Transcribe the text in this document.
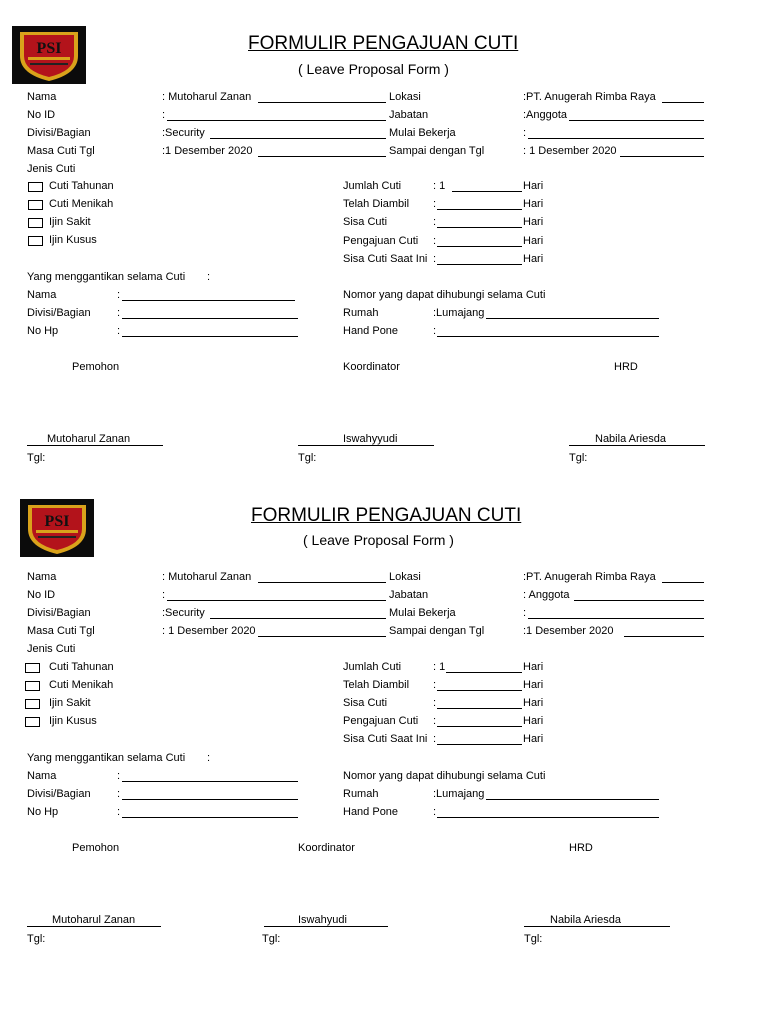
PSI	FORMULIR PENGAJUAN CUTI
( Leave Proposal Form )
Nama	: Mutoharul Zanan
No ID	:
Divisi/Bagian	:Security
Masa Cuti Tgl	:1 Desember 2020
Lokasi	:PT. Anugerah Rimba Raya
Jabatan	:Anggota
Mulai Bekerja	:
Sampai dengan Tgl	: 1 Desember 2020
Jenis Cuti
Cuti Tahunan
Cuti Menikah
Ijin Sakit
Ijin Kusus
Jumlah Cuti	: 1	Hari
Telah Diambil :	Hari
Sisa Cuti	:	Hari
Pengajuan Cuti :	Hari
Sisa Cuti Saat Ini :	Hari
Yang menggantikan selama Cuti :
Nama	:
Divisi/Bagian :
No Hp	:
Nomor yang dapat dihubungi selama Cuti
Rumah	:Lumajang
Hand Pone	:
Pemohon	Koordinator	HRD
Mutoharul Zanan	Iswahyyudi	Nabila Ariesda
Tgl:	Tgl:	Tgl:
PSI	FORMULIR PENGAJUAN CUTI
( Leave Proposal Form )
Nama	: Mutoharul Zanan
No ID	:
Divisi/Bagian	:Security
Masa Cuti Tgl	: 1 Desember 2020
Lokasi	:PT. Anugerah Rimba Raya
Jabatan	: Anggota
Mulai Bekerja	:
Sampai dengan Tgl	:1 Desember 2020
Jenis Cuti
Cuti Tahunan
Cuti Menikah
Ijin Sakit
Ijin Kusus
Jumlah Cuti	: 1	Hari
Telah Diambil :	Hari
Sisa Cuti	:	Hari
Pengajuan Cuti :	Hari
Sisa Cuti Saat Ini :	Hari
Yang menggantikan selama Cuti :
Nama	:
Divisi/Bagian :
No Hp	:
Nomor yang dapat dihubungi selama Cuti
Rumah	:Lumajang
Hand Pone	:
Pemohon	Koordinator	HRD
Mutoharul Zanan	Iswahyudi	Nabila Ariesda
Tgl:	Tgl:	Tgl:
